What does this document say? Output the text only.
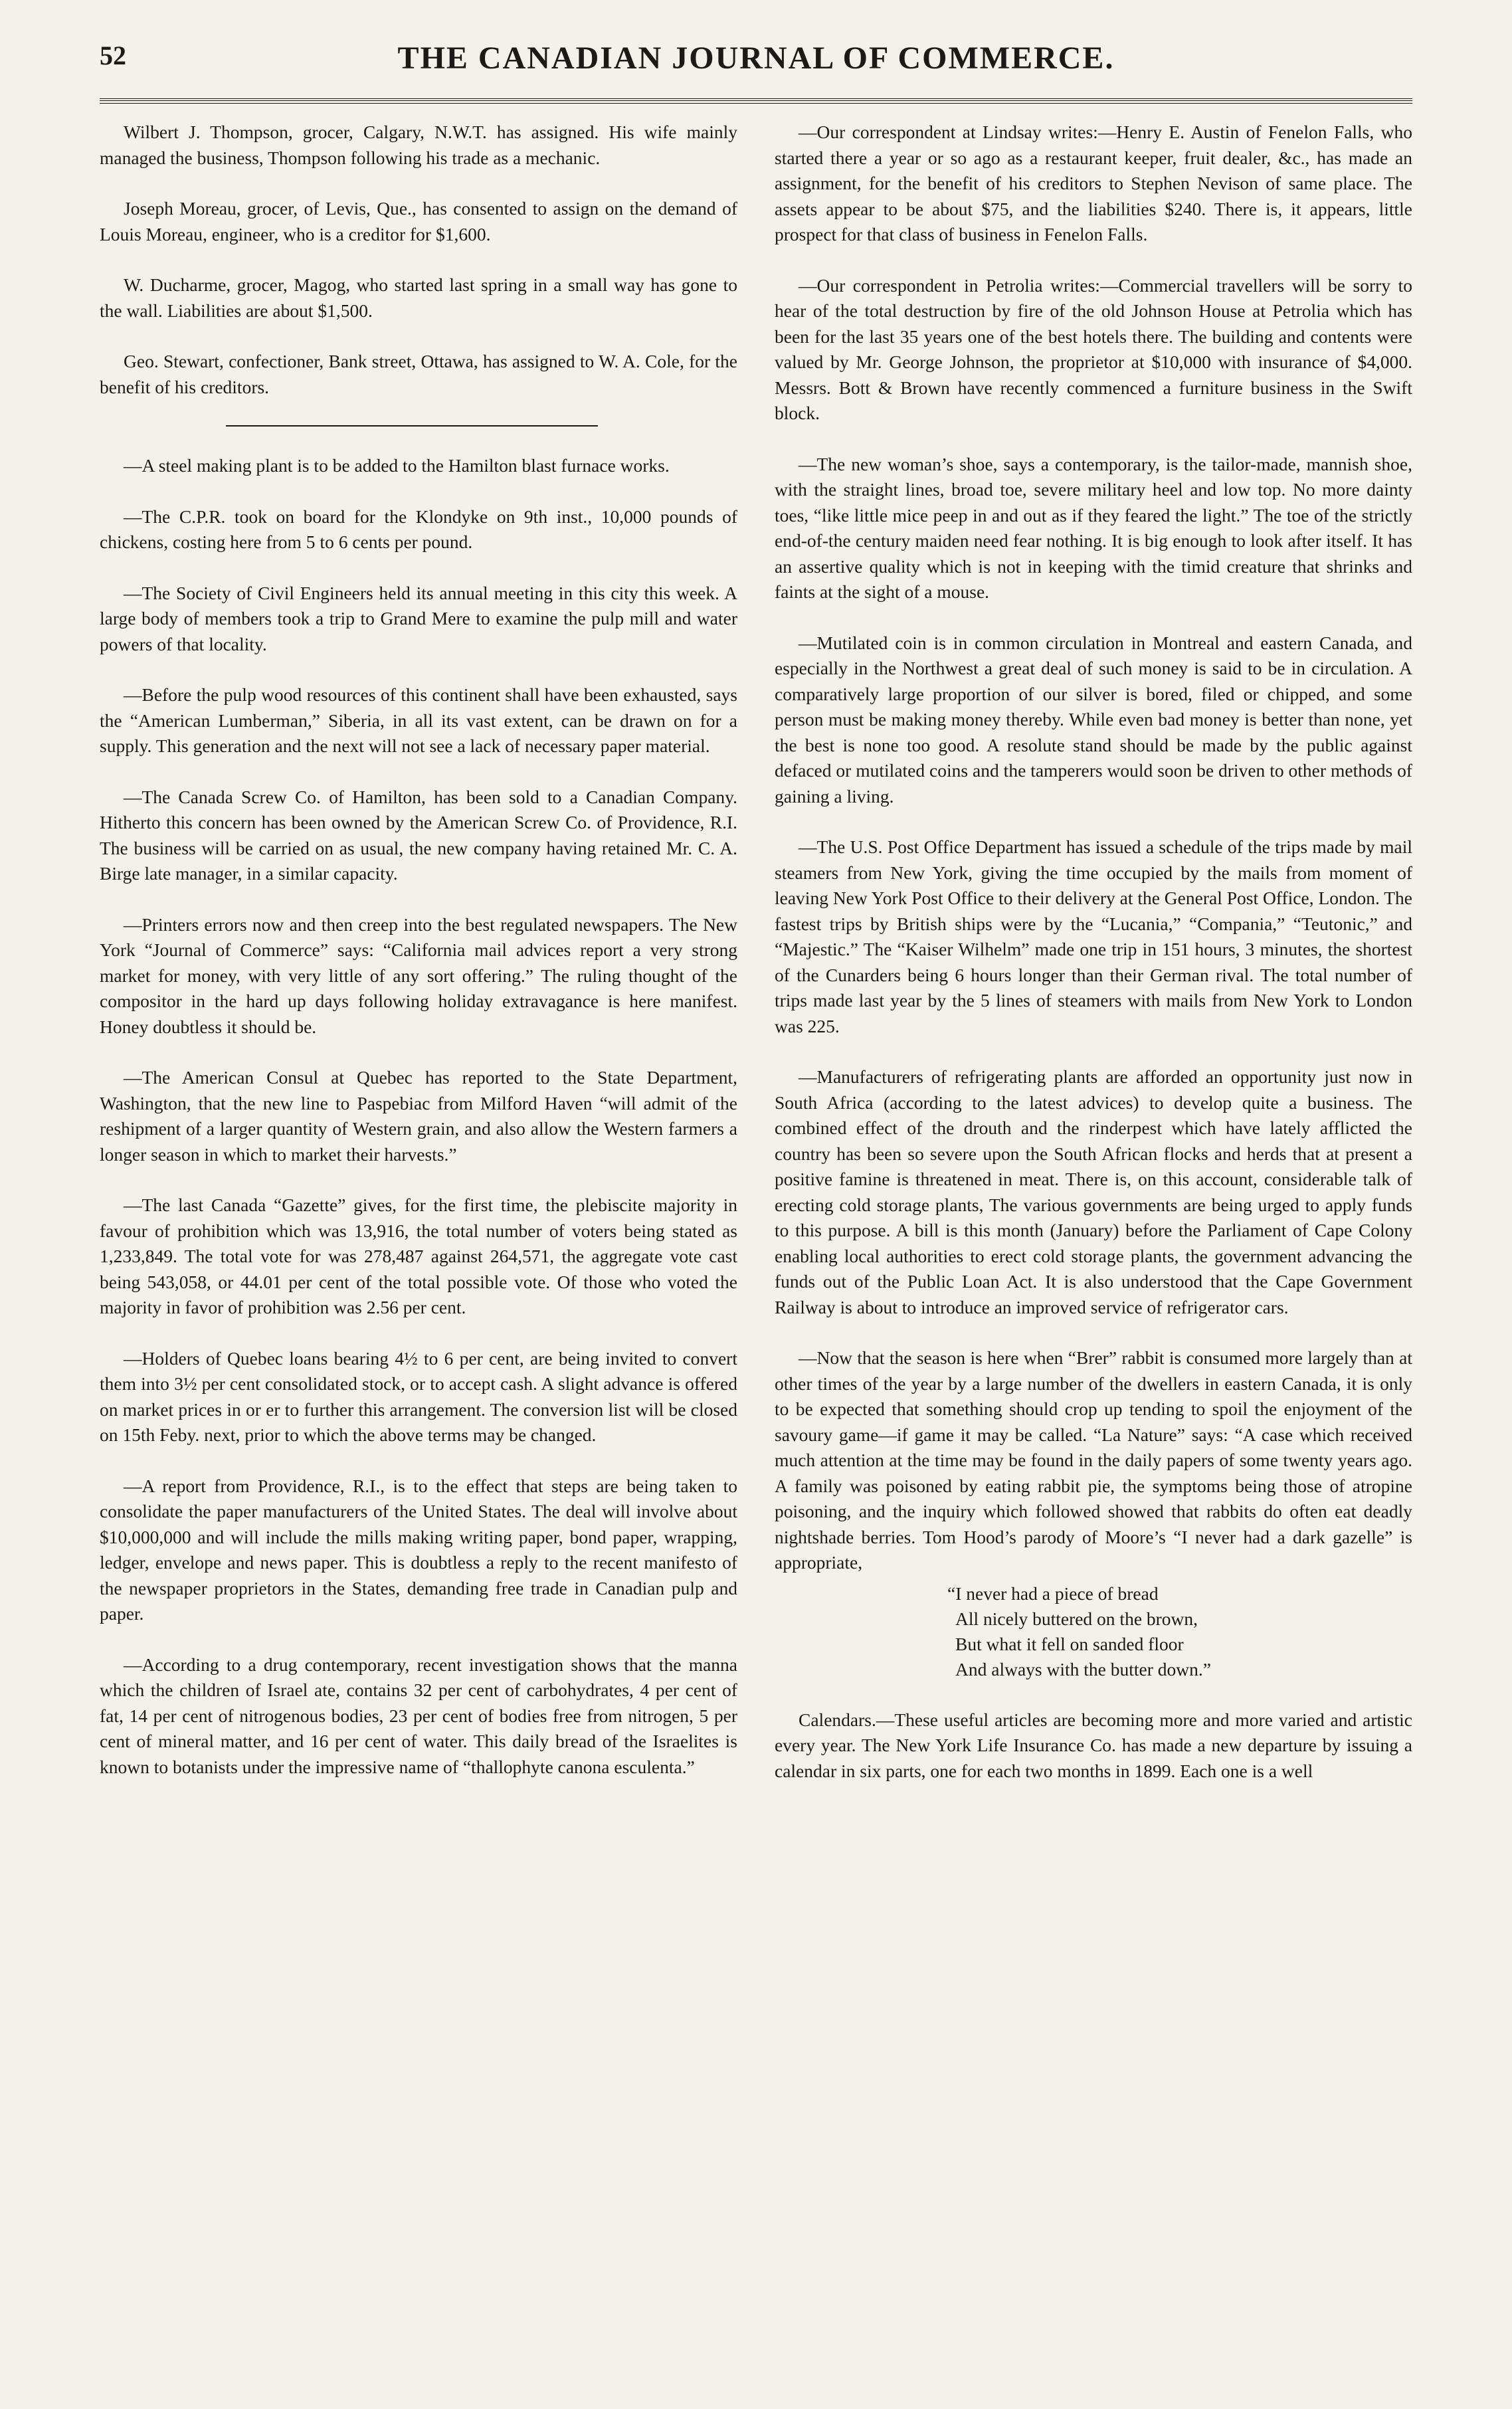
52	THE CANADIAN JOURNAL OF COMMERCE.

Wilbert J. Thompson, grocer, Calgary, N.W.T. has assigned. His wife mainly managed the business, Thompson following his trade as a mechanic.

Joseph Moreau, grocer, of Levis, Que., has consented to assign on the demand of Louis Moreau, engineer, who is a creditor for $1,600.

W. Ducharme, grocer, Magog, who started last spring in a small way has gone to the wall. Liabilities are about $1,500.

Geo. Stewart, confectioner, Bank street, Ottawa, has assigned to W. A. Cole, for the benefit of his creditors.

—A steel making plant is to be added to the Hamilton blast furnace works.

—The C.P.R. took on board for the Klondyke on 9th inst., 10,000 pounds of chickens, costing here from 5 to 6 cents per pound.

—The Society of Civil Engineers held its annual meeting in this city this week. A large body of members took a trip to Grand Mere to examine the pulp mill and water powers of that locality.

—Before the pulp wood resources of this continent shall have been exhausted, says the “American Lumberman,” Siberia, in all its vast extent, can be drawn on for a supply. This generation and the next will not see a lack of necessary paper material.

—The Canada Screw Co. of Hamilton, has been sold to a Canadian Company. Hitherto this concern has been owned by the American Screw Co. of Providence, R.I. The business will be carried on as usual, the new company having retained Mr. C. A. Birge late manager, in a similar capacity.

—Printers errors now and then creep into the best regulated newspapers. The New York “Journal of Commerce” says: “California mail advices report a very strong market for money, with very little of any sort offering.” The ruling thought of the compositor in the hard up days following holiday extravagance is here manifest. Honey doubtless it should be.

—The American Consul at Quebec has reported to the State Department, Washington, that the new line to Paspebiac from Milford Haven “will admit of the reshipment of a larger quantity of Western grain, and also allow the Western farmers a longer season in which to market their harvests.”

—The last Canada “Gazette” gives, for the first time, the plebiscite majority in favour of prohibition which was 13,916, the total number of voters being stated as 1,233,849. The total vote for was 278,487 against 264,571, the aggregate vote cast being 543,058, or 44.01 per cent of the total possible vote. Of those who voted the majority in favor of prohibition was 2.56 per cent.

—Holders of Quebec loans bearing 4½ to 6 per cent, are being invited to convert them into 3½ per cent consolidated stock, or to accept cash. A slight advance is offered on market prices in or er to further this arrangement. The conversion list will be closed on 15th Feby. next, prior to which the above terms may be changed.

—A report from Providence, R.I., is to the effect that steps are being taken to consolidate the paper manufacturers of the United States. The deal will involve about $10,000,000 and will include the mills making writing paper, bond paper, wrapping, ledger, envelope and news paper. This is doubtless a reply to the recent manifesto of the newspaper proprietors in the States, demanding free trade in Canadian pulp and paper.

—According to a drug contemporary, recent investigation shows that the manna which the children of Israel ate, contains 32 per cent of carbohydrates, 4 per cent of fat, 14 per cent of nitrogenous bodies, 23 per cent of bodies free from nitrogen, 5 per cent of mineral matter, and 16 per cent of water. This daily bread of the Israelites is known to botanists under the impressive name of “thallophyte canona esculenta.”

—Our correspondent at Lindsay writes:—Henry E. Austin of Fenelon Falls, who started there a year or so ago as a restaurant keeper, fruit dealer, &c., has made an assignment, for the benefit of his creditors to Stephen Nevison of same place. The assets appear to be about $75, and the liabilities $240. There is, it appears, little prospect for that class of business in Fenelon Falls.

—Our correspondent in Petrolia writes:—Commercial travellers will be sorry to hear of the total destruction by fire of the old Johnson House at Petrolia which has been for the last 35 years one of the best hotels there. The building and contents were valued by Mr. George Johnson, the proprietor at $10,000 with insurance of $4,000. Messrs. Bott & Brown have recently commenced a furniture business in the Swift block.

—The new woman’s shoe, says a contemporary, is the tailor-made, mannish shoe, with the straight lines, broad toe, severe military heel and low top. No more dainty toes, “like little mice peep in and out as if they feared the light.” The toe of the strictly end-of-the century maiden need fear nothing. It is big enough to look after itself. It has an assertive quality which is not in keeping with the timid creature that shrinks and faints at the sight of a mouse.

—Mutilated coin is in common circulation in Montreal and eastern Canada, and especially in the Northwest a great deal of such money is said to be in circulation. A comparatively large proportion of our silver is bored, filed or chipped, and some person must be making money thereby. While even bad money is better than none, yet the best is none too good. A resolute stand should be made by the public against defaced or mutilated coins and the tamperers would soon be driven to other methods of gaining a living.

—The U.S. Post Office Department has issued a schedule of the trips made by mail steamers from New York, giving the time occupied by the mails from moment of leaving New York Post Office to their delivery at the General Post Office, London. The fastest trips by British ships were by the “Lucania,” “Compania,” “Teutonic,” and “Majestic.” The “Kaiser Wilhelm” made one trip in 151 hours, 3 minutes, the shortest of the Cunarders being 6 hours longer than their German rival. The total number of trips made last year by the 5 lines of steamers with mails from New York to London was 225.

—Manufacturers of refrigerating plants are afforded an opportunity just now in South Africa (according to the latest advices) to develop quite a business. The combined effect of the drouth and the rinderpest which have lately afflicted the country has been so severe upon the South African flocks and herds that at present a positive famine is threatened in meat. There is, on this account, considerable talk of erecting cold storage plants, The various governments are being urged to apply funds to this purpose. A bill is this month (January) before the Parliament of Cape Colony enabling local authorities to erect cold storage plants, the government advancing the funds out of the Public Loan Act. It is also understood that the Cape Government Railway is about to introduce an improved service of refrigerator cars.

—Now that the season is here when “Brer” rabbit is consumed more largely than at other times of the year by a large number of the dwellers in eastern Canada, it is only to be expected that something should crop up tending to spoil the enjoyment of the savoury game—if game it may be called. “La Nature” says: “A case which received much attention at the time may be found in the daily papers of some twenty years ago. A family was poisoned by eating rabbit pie, the symptoms being those of atropine poisoning, and the inquiry which followed showed that rabbits do often eat deadly nightshade berries. Tom Hood’s parody of Moore’s “I never had a dark gazelle” is appropriate,

“I never had a piece of bread
All nicely buttered on the brown,
But what it fell on sanded floor
And always with the butter down.”

Calendars.—These useful articles are becoming more and more varied and artistic every year. The New York Life Insurance Co. has made a new departure by issuing a calendar in six parts, one for each two months in 1899. Each one is a well
